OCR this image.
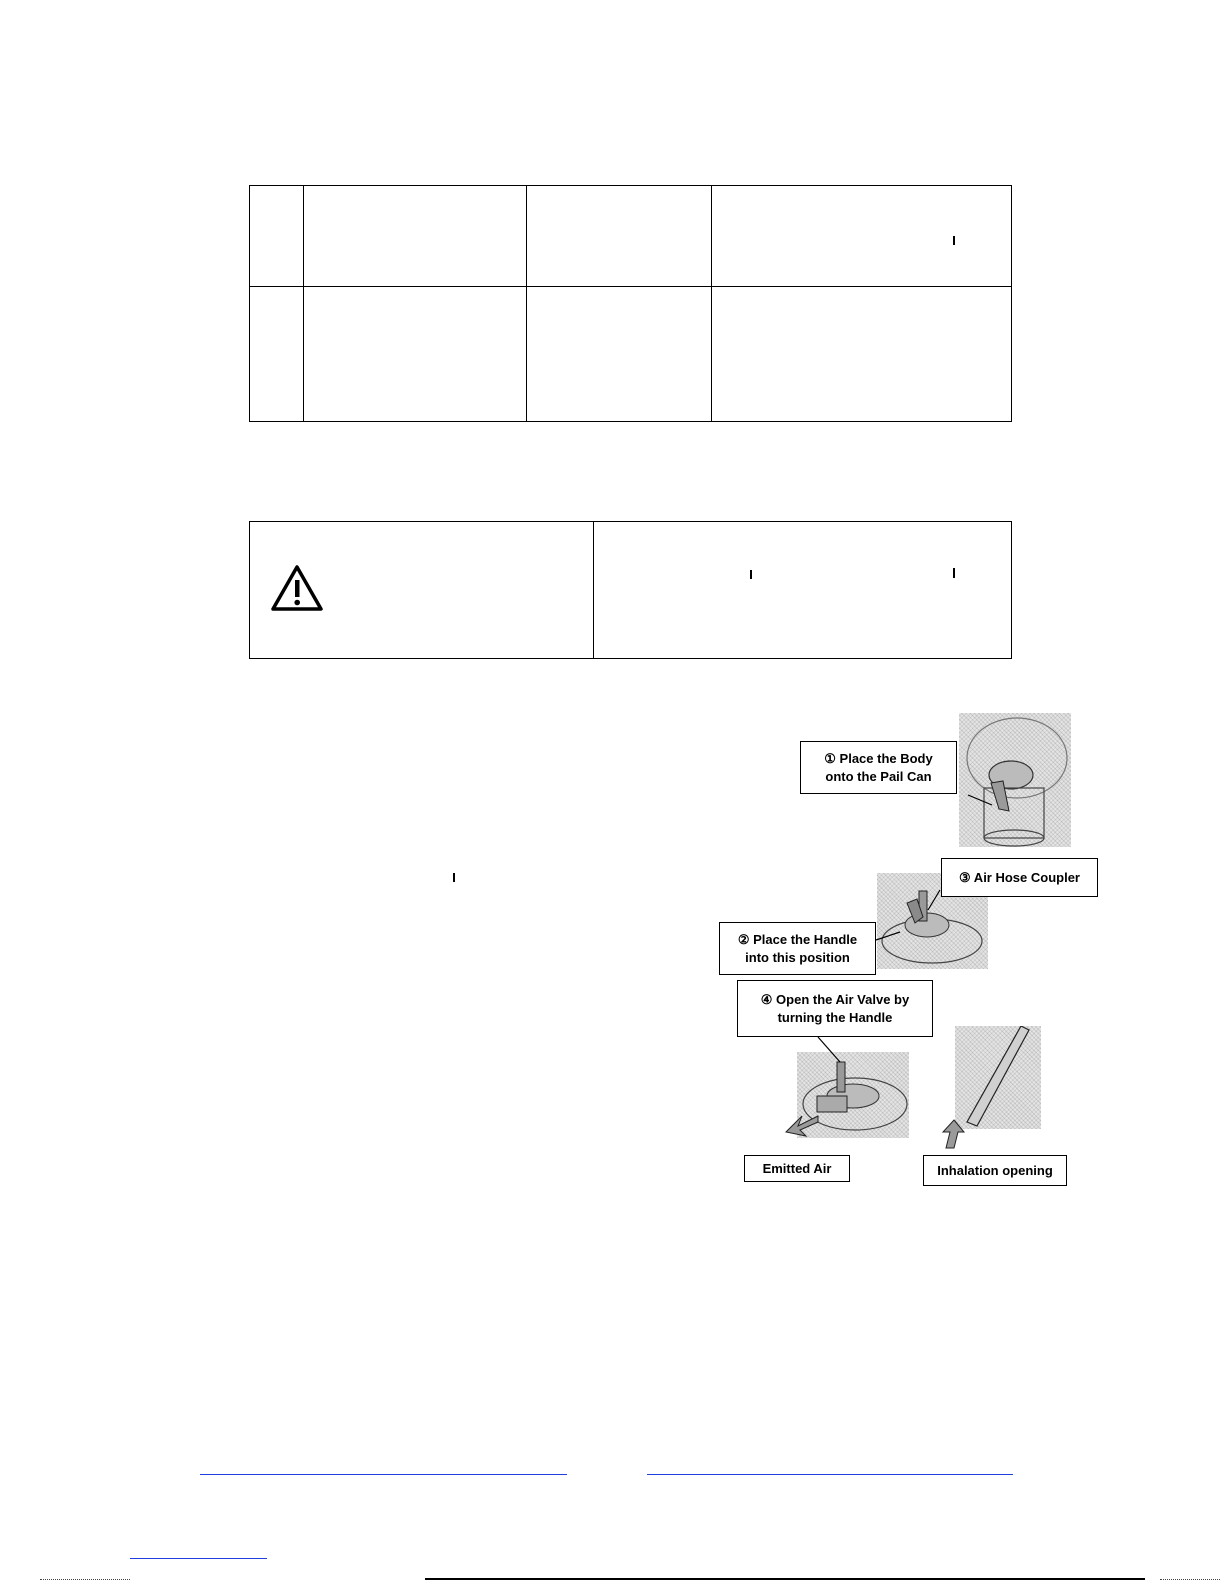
① Place the Body
onto the Pail Can
③ Air Hose Coupler
② Place the Handle
into this position
④ Open the Air Valve by
turning the Handle
Emitted Air	Inhalation opening
